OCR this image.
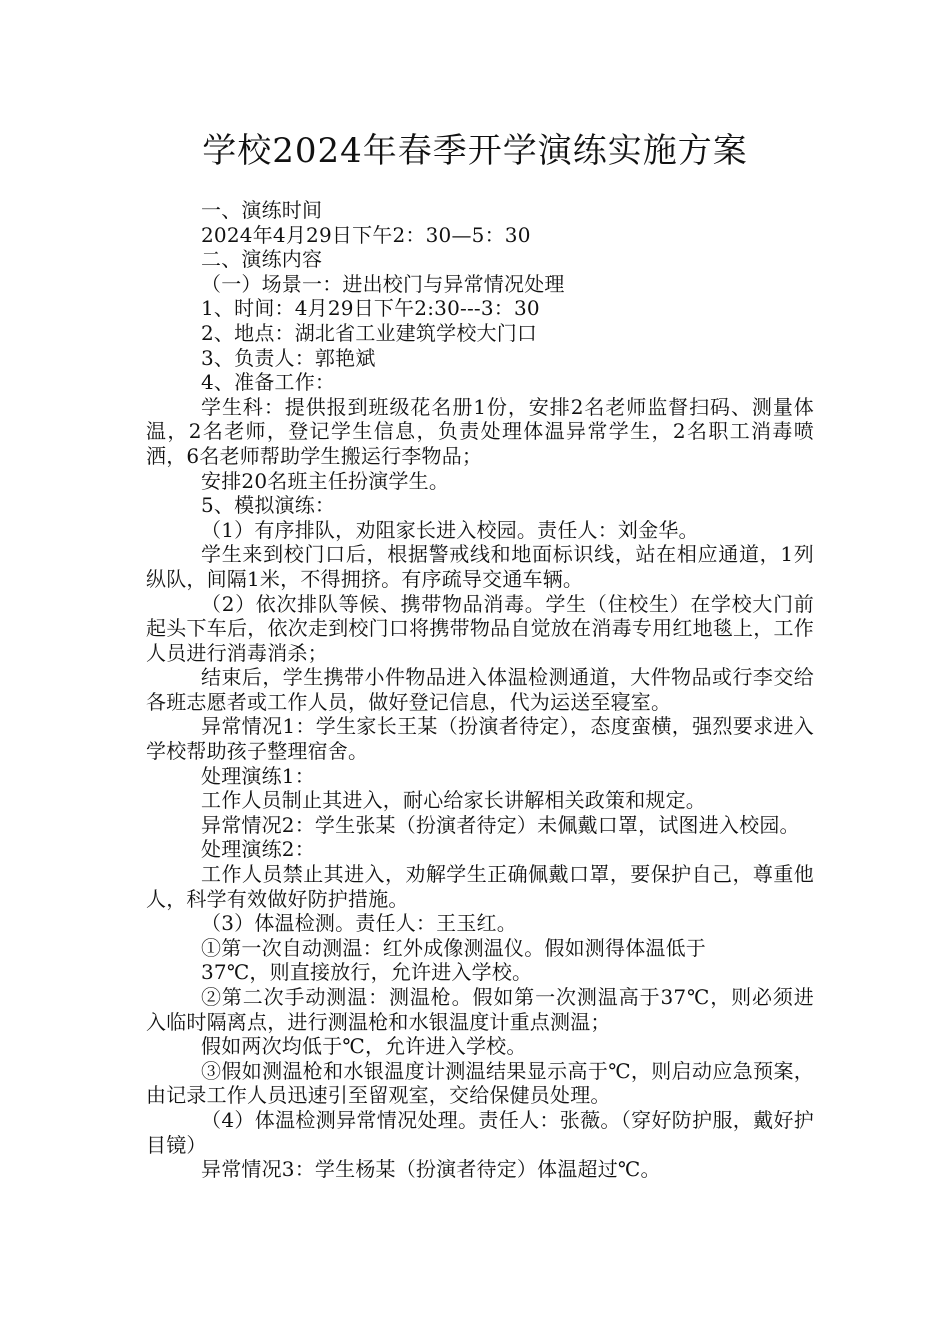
学校2024年春季开学演练实施方案

一、演练时间

2024年4月29日下午2：30—5：30

二、演练内容

（一）场景一：进出校门与异常情况处理

1、时间：4月29日下午2:30---3：30

2、地点：湖北省工业建筑学校大门口

3、负责人：郭艳斌

4、准备工作：

学生科：提供报到班级花名册1份，安排2名老师监督扫码、测量体温，2名老师，登记学生信息，负责处理体温异常学生，2名职工消毒喷洒，6名老师帮助学生搬运行李物品；

安排20名班主任扮演学生。

5、模拟演练：

（1）有序排队，劝阻家长进入校园。责任人：刘金华。

学生来到校门口后，根据警戒线和地面标识线，站在相应通道，1列纵队，间隔1米，不得拥挤。有序疏导交通车辆。

（2）依次排队等候、携带物品消毒。学生（住校生）在学校大门前起头下车后，依次走到校门口将携带物品自觉放在消毒专用红地毯上，工作人员进行消毒消杀；

结束后，学生携带小件物品进入体温检测通道，大件物品或行李交给各班志愿者或工作人员，做好登记信息，代为运送至寝室。

异常情况1：学生家长王某（扮演者待定），态度蛮横，强烈要求进入学校帮助孩子整理宿舍。

处理演练1：

工作人员制止其进入，耐心给家长讲解相关政策和规定。

异常情况2：学生张某（扮演者待定）未佩戴口罩，试图进入校园。

处理演练2：

工作人员禁止其进入，劝解学生正确佩戴口罩，要保护自己，尊重他人，科学有效做好防护措施。

（3）体温检测。责任人：王玉红。

①第一次自动测温：红外成像测温仪。假如测得体温低于

37℃，则直接放行，允许进入学校。

②第二次手动测温：测温枪。假如第一次测温高于37℃，则必须进入临时隔离点，进行测温枪和水银温度计重点测温；

假如两次均低于℃，允许进入学校。

③假如测温枪和水银温度计测温结果显示高于℃，则启动应急预案，由记录工作人员迅速引至留观室，交给保健员处理。

（4）体温检测异常情况处理。责任人：张薇。（穿好防护服，戴好护目镜）

异常情况3：学生杨某（扮演者待定）体温超过℃。
